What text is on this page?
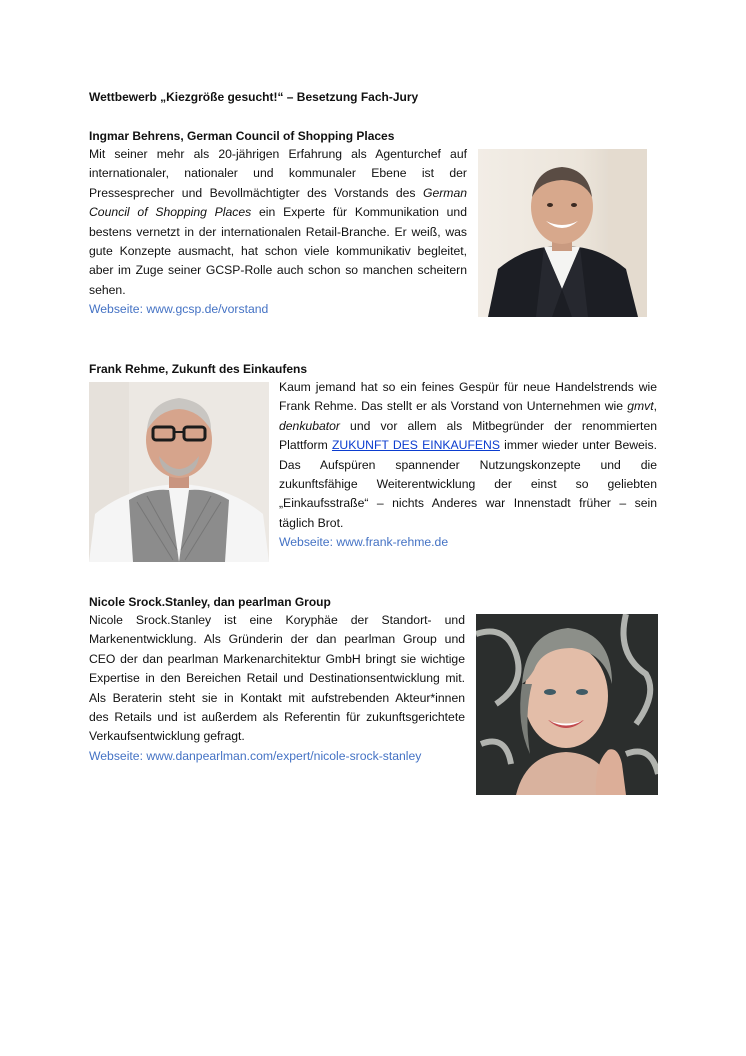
Wettbewerb „Kiezgröße gesucht!“ – Besetzung Fach-Jury
Ingmar Behrens, German Council of Shopping Places
Mit seiner mehr als 20-jährigen Erfahrung als Agenturchef auf
internationaler, nationaler und kommunaler Ebene ist der
Pressesprecher und Bevollmächtigter des Vorstands des German
Council of Shopping Places ein Experte für Kommunikation und
bestens vernetzt in der internationalen Retail-Branche. Er weiß, was
gute Konzepte ausmacht, hat schon viele kommunikativ begleitet,
aber im Zuge seiner GCSP-Rolle auch schon so manchen scheitern
sehen.
Webseite: www.gcsp.de/vorstand
Frank Rehme, Zukunft des Einkaufens
Kaum jemand hat so ein feines Gespür für neue Handelstrends wie
Frank Rehme. Das stellt er als Vorstand von Unternehmen wie gmvt,
denkubator und vor allem als Mitbegründer der renommierten
Plattform ZUKUNFT DES EINKAUFENS immer wieder unter Beweis.
Das Aufspüren spannender Nutzungskonzepte und die
zukunftsfähige Weiterentwicklung der einst so geliebten
„Einkaufsstraße“ – nichts Anderes war Innenstadt früher – sein
täglich Brot.
Webseite: www.frank-rehme.de
Nicole Srock.Stanley, dan pearlman Group
Nicole Srock.Stanley ist eine Koryphäe der Standort- und
Markenentwicklung. Als Gründerin der dan pearlman Group und
CEO der dan pearlman Markenarchitektur GmbH bringt sie wichtige
Expertise in den Bereichen Retail und Destinationsentwicklung mit.
Als Beraterin steht sie in Kontakt mit aufstrebenden Akteur*innen
des Retails und ist außerdem als Referentin für zukunftsgerichtete
Verkaufsentwicklung gefragt.
Webseite: www.danpearlman.com/expert/nicole-srock-stanley
